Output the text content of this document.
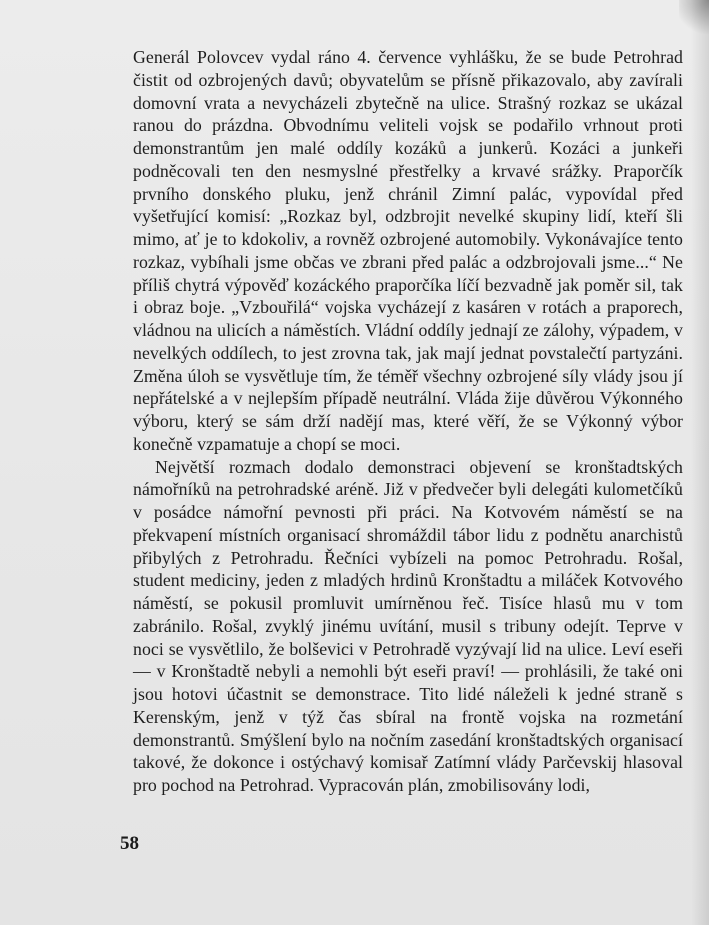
Generál Polovcev vydal ráno 4. července vyhlášku, že se bude Petrohrad čistit od ozbrojených davů; obyvatelům se přísně přikazovalo, aby zavírali domovní vrata a nevycházeli zbytečně na ulice. Strašný rozkaz se ukázal ranou do prázdna. Obvodnímu veliteli vojsk se podařilo vrhnout proti demonstrantům jen malé oddíly kozáků a junkerů. Kozáci a junkeři podněcovali ten den nesmyslné přestřelky a krvavé srážky. Praporčík prvního donského pluku, jenž chránil Zimní palác, vypovídal před vyšetřující komisí: „Rozkaz byl, odzbrojit nevelké skupiny lidí, kteří šli mimo, ať je to kdokoliv, a rovněž ozbrojené automobily. Vykonávajíce tento rozkaz, vybíhali jsme občas ve zbrani před palác a odzbrojovali jsme...“ Ne příliš chytrá výpověď kozáckého praporčíka líčí bezvadně jak poměr sil, tak i obraz boje. „Vzbouřilá“ vojska vycházejí z kasáren v rotách a praporech, vládnou na ulicích a náměstích. Vládní oddíly jednají ze zálohy, výpadem, v nevelkých oddílech, to jest zrovna tak, jak mají jednat povstalečtí partyzáni. Změna úloh se vysvětluje tím, že téměř všechny ozbrojené síly vlády jsou jí nepřátelské a v nejlepším případě neutrální. Vláda žije důvěrou Výkonného výboru, který se sám drží nadějí mas, které věří, že se Výkonný výbor konečně vzpamatuje a chopí se moci.

Největší rozmach dodalo demonstraci objevení se kronštadtských námořníků na petrohradské aréně. Již v předvečer byli delegáti kulometčíků v posádce námořní pevnosti při práci. Na Kotvovém náměstí se na překvapení místních organisací shromáždil tábor lidu z podnětu anarchistů přibylých z Petrohradu. Řečníci vybízeli na pomoc Petrohradu. Rošal, student mediciny, jeden z mladých hrdinů Kronštadtu a miláček Kotvového náměstí, se pokusil promluvit umírněnou řeč. Tisíce hlasů mu v tom zabránilo. Rošal, zvyklý jinému uvítání, musil s tribuny odejít. Teprve v noci se vysvětlilo, že bolševici v Petrohradě vyzývají lid na ulice. Leví eseři — v Kronštadtě nebyli a nemohli být eseři praví! — prohlásili, že také oni jsou hotovi účastnit se demonstrace. Tito lidé náleželi k jedné straně s Kerenským, jenž v týž čas sbíral na frontě vojska na rozmetání demonstrantů. Smýšlení bylo na nočním zasedání kronštadtských organisací takové, že dokonce i ostýchavý komisař Zatímní vlády Parčevskij hlasoval pro pochod na Petrohrad. Vypracován plán, zmobilisovány lodi,

58
